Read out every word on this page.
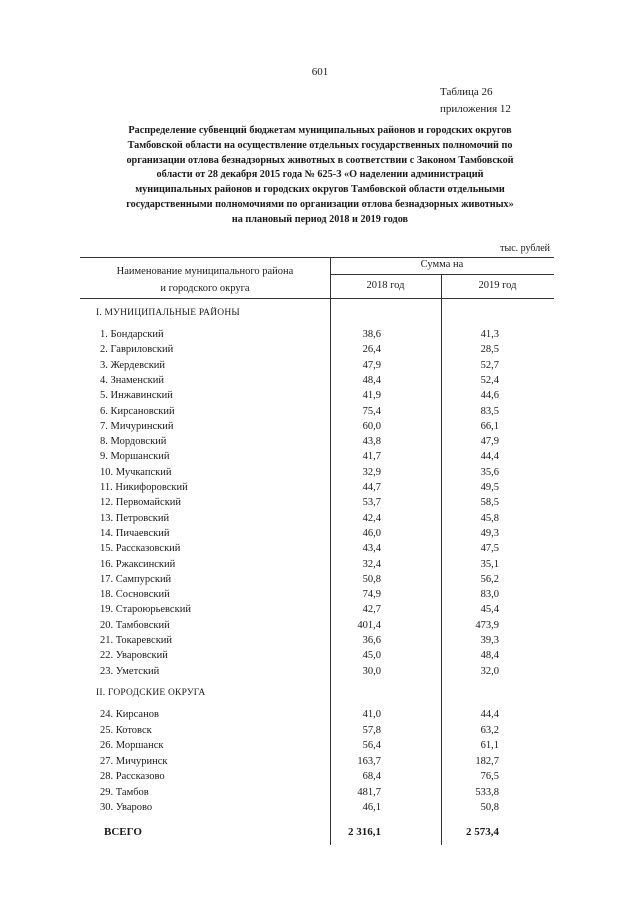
601
Таблица 26
приложения 12
Распределение субвенций бюджетам муниципальных районов и городских округов
Тамбовской области на осуществление отдельных государственных полномочий по
организации отлова безнадзорных животных в соответствии с Законом Тамбовской
области от 28 декабря 2015 года № 625-З «О наделении администраций
муниципальных районов и городских округов Тамбовской области отдельными
государственными полномочиями по организации отлова безнадзорных животных»
на плановый период 2018 и 2019 годов
тыс. рублей
Наименование муниципального района
и городского округа
Сумма на
2018 год	2019 год
I. МУНИЦИПАЛЬНЫЕ РАЙОНЫ
1. Бондарский	38,6	41,3
2. Гавриловский	26,4	28,5
3. Жердевский	47,9	52,7
4. Знаменский	48,4	52,4
5. Инжавинский	41,9	44,6
6. Кирсановский	75,4	83,5
7. Мичуринский	60,0	66,1
8. Мордовский	43,8	47,9
9. Моршанский	41,7	44,4
10. Мучкапский	32,9	35,6
11. Никифоровский	44,7	49,5
12. Первомайский	53,7	58,5
13. Петровский	42,4	45,8
14. Пичаевский	46,0	49,3
15. Рассказовский	43,4	47,5
16. Ржаксинский	32,4	35,1
17. Сампурский	50,8	56,2
18. Сосновский	74,9	83,0
19. Староюрьевский	42,7	45,4
20. Тамбовский	401,4	473,9
21. Токаревский	36,6	39,3
22. Уваровский	45,0	48,4
23. Уметский	30,0	32,0
II. ГОРОДСКИЕ ОКРУГА
24. Кирсанов	41,0	44,4
25. Котовск	57,8	63,2
26. Моршанск	56,4	61,1
27. Мичуринск	163,7	182,7
28. Рассказово	68,4	76,5
29. Тамбов	481,7	533,8
30. Уварово	46,1	50,8
ВСЕГО	2 316,1	2 573,4
